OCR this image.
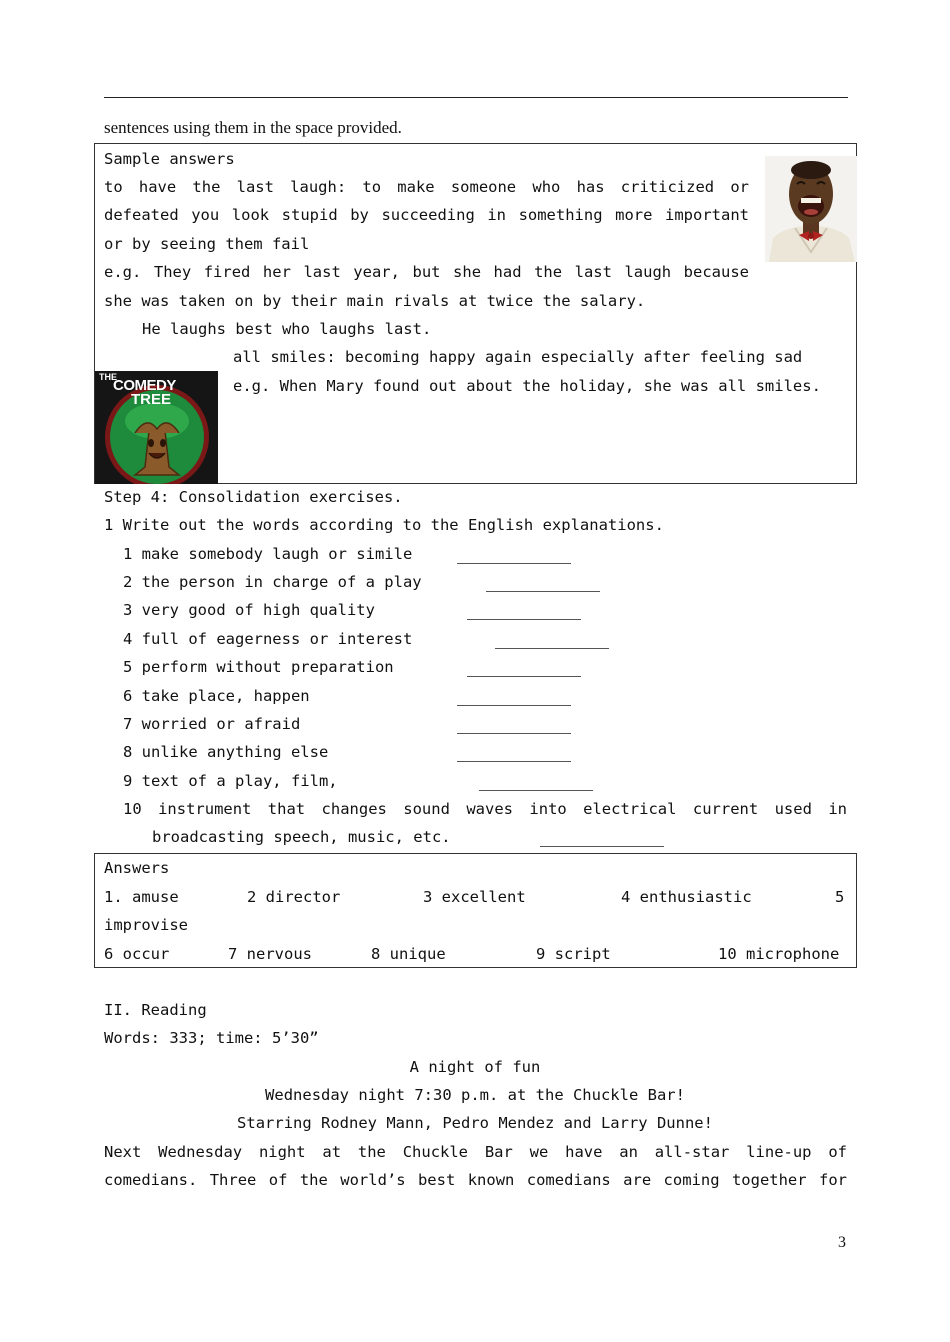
sentences using them in the space provided.
Sample answers
to have the last laugh: to make someone who has criticized or
defeated you look stupid by succeeding in something more important
or by seeing them fail
e.g. They fired her last year, but she had the last laugh because
she was taken on by their main rivals at twice the salary.
He laughs best who laughs last.
all smiles: becoming happy again especially after feeling sad
e.g. When Mary found out about the holiday, she was all smiles.
THE
COMEDY
TREE
Step 4: Consolidation exercises.
1 Write out the words according to the English explanations.
1 make somebody laugh or simile
2 the person in charge of a play
3 very good of high quality
4 full of eagerness or interest
5 perform without preparation
6 take place, happen
7 worried or afraid
8 unlike anything else
9 text of a play, film,
10 instrument that changes sound waves into electrical current used in
broadcasting speech, music, etc.
Answers
1. amuse	2 director	3 excellent	4 enthusiastic	5
improvise
6 occur	7 nervous	8 unique	9 script	10 microphone
II. Reading
Words: 333; time: 5’30”
A night of fun
Wednesday night 7:30 p.m. at the Chuckle Bar!
Starring Rodney Mann, Pedro Mendez and Larry Dunne!
Next Wednesday night at the Chuckle Bar we have an all-star line-up of
comedians. Three of the world’s best known comedians are coming together for
3
